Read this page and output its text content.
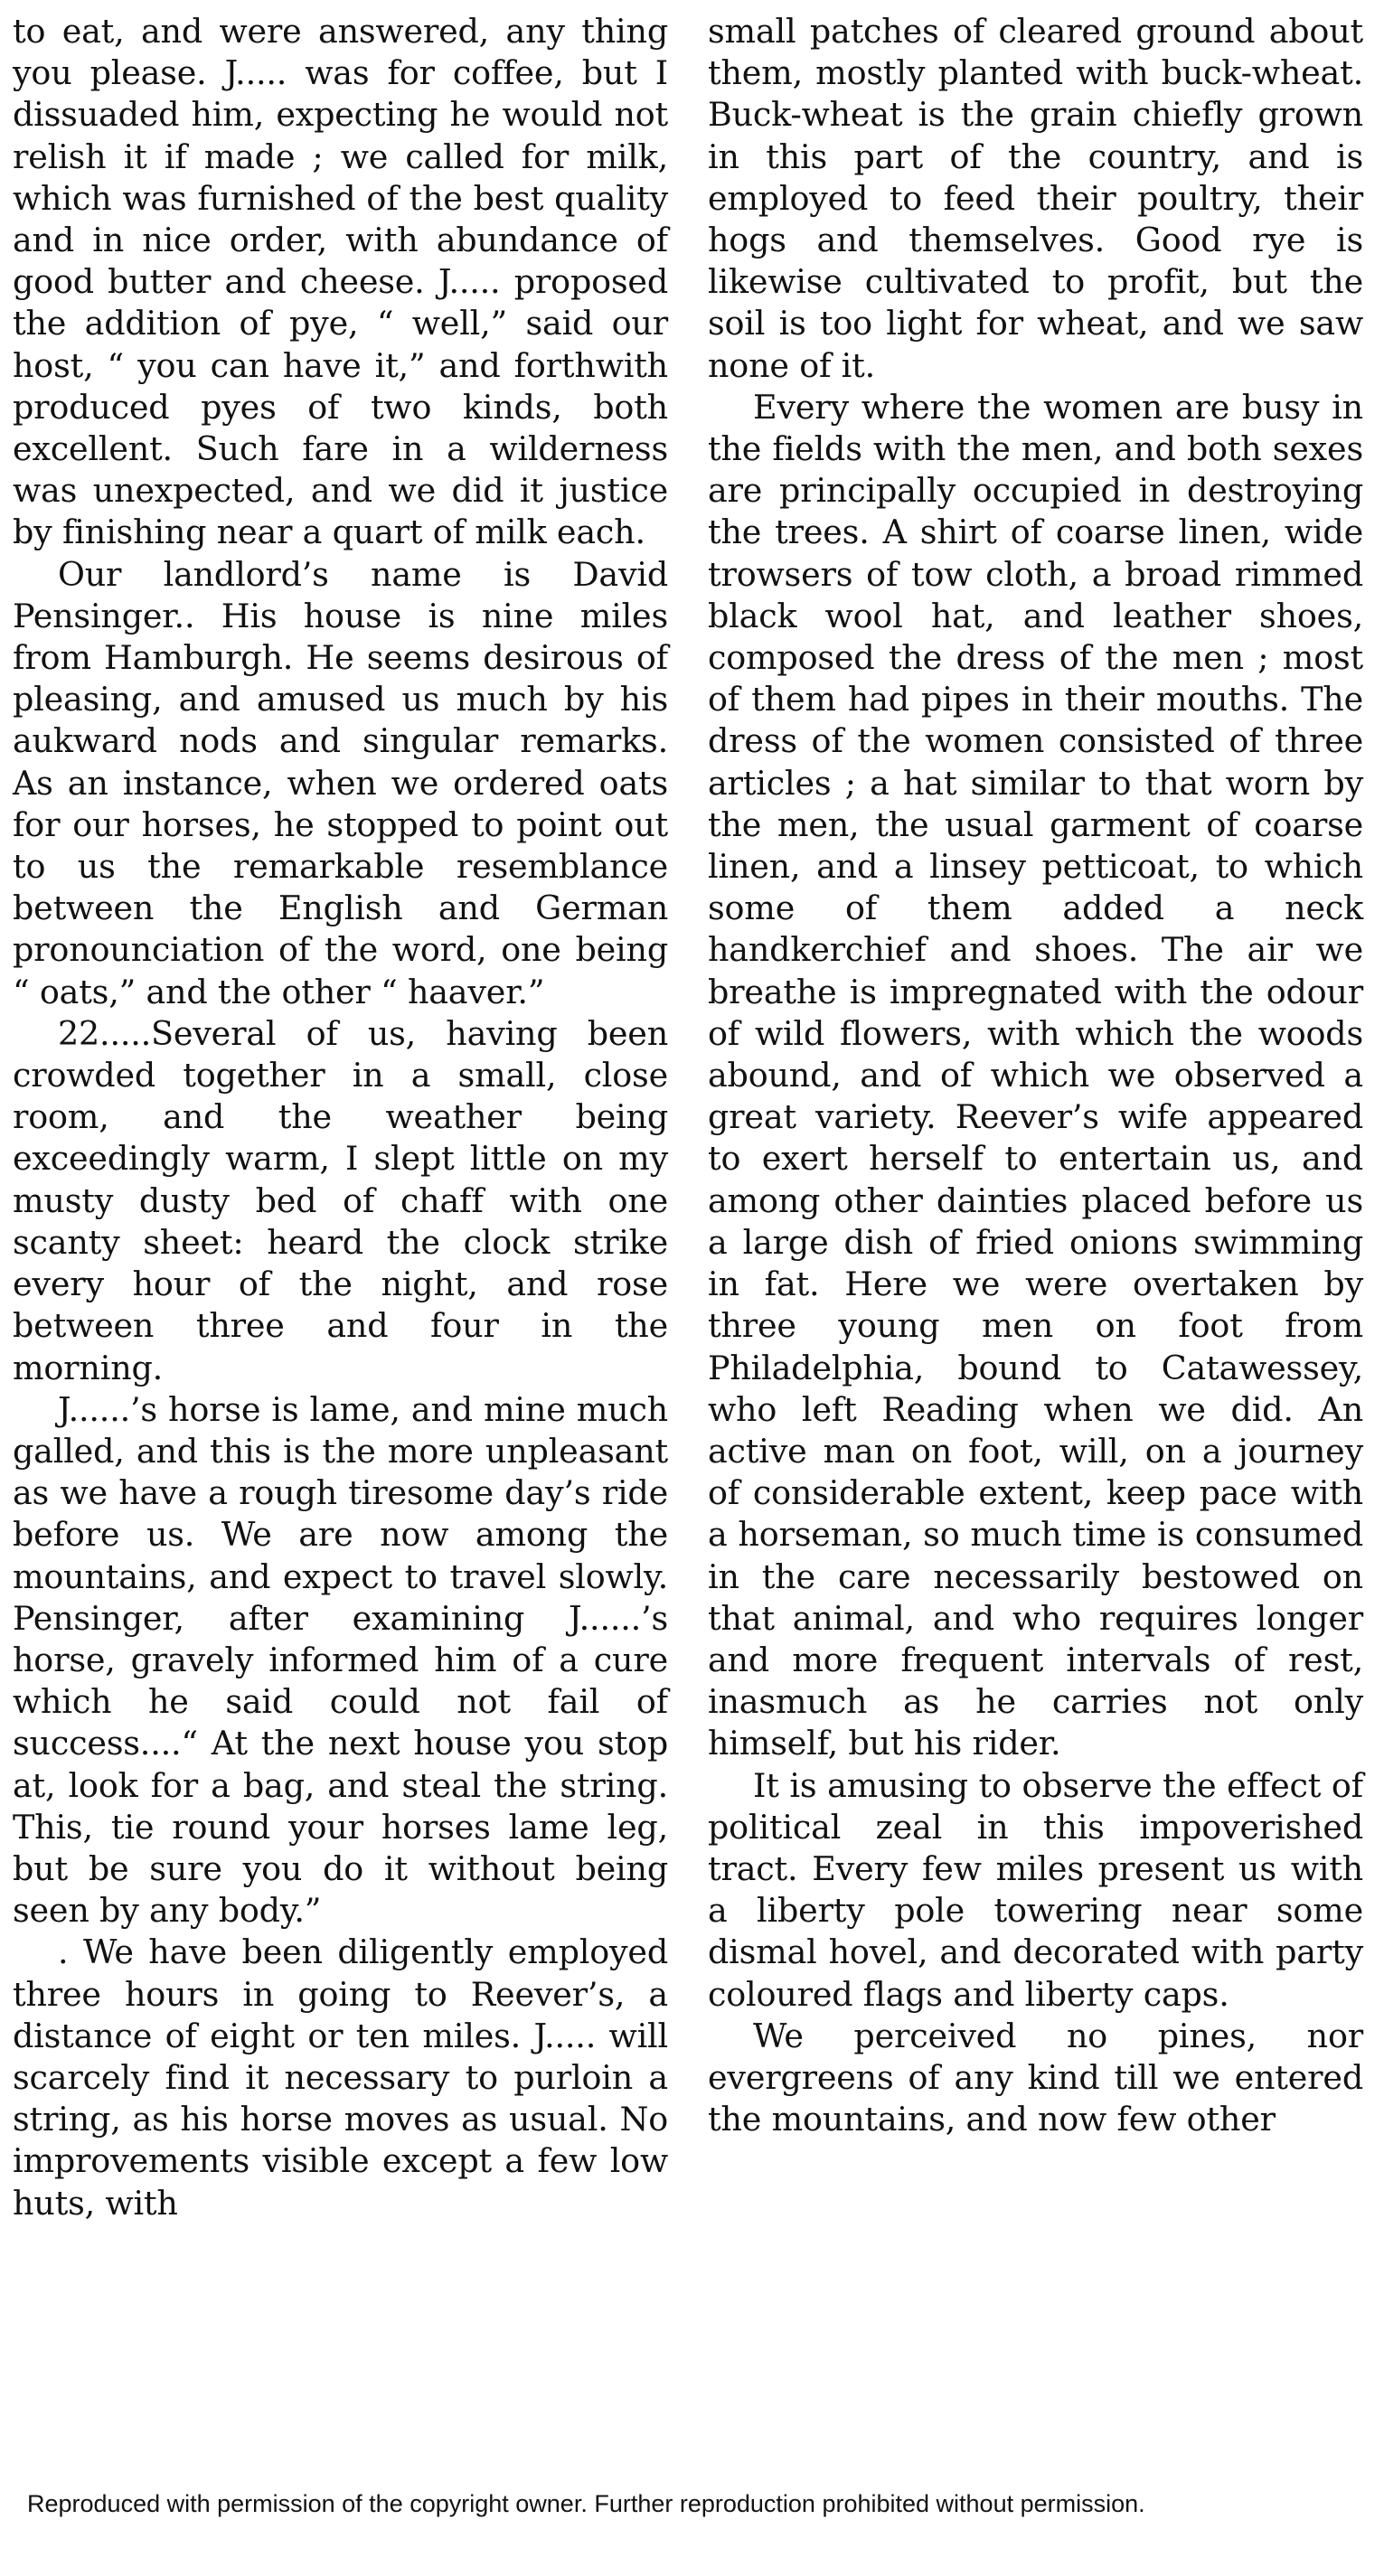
to eat, and were answered, any thing you please. J..... was for coffee, but I dissuaded him, expecting he would not relish it if made ; we called for milk, which was furnished of the best quality and in nice order, with abundance of good butter and cheese. J..... proposed the addition of pye, “ well,” said our host, “ you can have it,” and forthwith produced pyes of two kinds, both excellent. Such fare in a wilderness was unexpected, and we did it justice by finishing near a quart of milk each.

Our landlord’s name is David Pensinger.. His house is nine miles from Hamburgh. He seems desirous of pleasing, and amused us much by his aukward nods and singular remarks. As an instance, when we ordered oats for our horses, he stopped to point out to us the remarkable resemblance between the English and German pronounciation of the word, one being “ oats,” and the other “ haaver.”

22.....Several of us, having been crowded together in a small, close room, and the weather being exceedingly warm, I slept little on my musty dusty bed of chaff with one scanty sheet: heard the clock strike every hour of the night, and rose between three and four in the morning.

J......’s horse is lame, and mine much galled, and this is the more unpleasant as we have a rough tiresome day’s ride before us. We are now among the mountains, and expect to travel slowly. Pensinger, after examining J......’s horse, gravely informed him of a cure which he said could not fail of success....“ At the next house you stop at, look for a bag, and steal the string. This, tie round your horses lame leg, but be sure you do it without being seen by any body.”

. We have been diligently employed three hours in going to Reever’s, a distance of eight or ten miles. J..... will scarcely find it necessary to purloin a string, as his horse moves as usual. No improvements visible except a few low huts, with

small patches of cleared ground about them, mostly planted with buck-wheat. Buck-wheat is the grain chiefly grown in this part of the country, and is employed to feed their poultry, their hogs and themselves. Good rye is likewise cultivated to profit, but the soil is too light for wheat, and we saw none of it.

Every where the women are busy in the fields with the men, and both sexes are principally occupied in destroying the trees. A shirt of coarse linen, wide trowsers of tow cloth, a broad rimmed black wool hat, and leather shoes, composed the dress of the men ; most of them had pipes in their mouths. The dress of the women consisted of three articles ; a hat similar to that worn by the men, the usual garment of coarse linen, and a linsey petticoat, to which some of them added a neck handkerchief and shoes. The air we breathe is impregnated with the odour of wild flowers, with which the woods abound, and of which we observed a great variety. Reever’s wife appeared to exert herself to entertain us, and among other dainties placed before us a large dish of fried onions swimming in fat. Here we were overtaken by three young men on foot from Philadelphia, bound to Catawessey, who left Reading when we did. An active man on foot, will, on a journey of considerable extent, keep pace with a horseman, so much time is consumed in the care necessarily bestowed on that animal, and who requires longer and more frequent intervals of rest, inasmuch as he carries not only himself, but his rider.

It is amusing to observe the effect of political zeal in this impoverished tract. Every few miles present us with a liberty pole towering near some dismal hovel, and decorated with party coloured flags and liberty caps.

We perceived no pines, nor evergreens of any kind till we entered the mountains, and now few other

Reproduced with permission of the copyright owner. Further reproduction prohibited without permission.
